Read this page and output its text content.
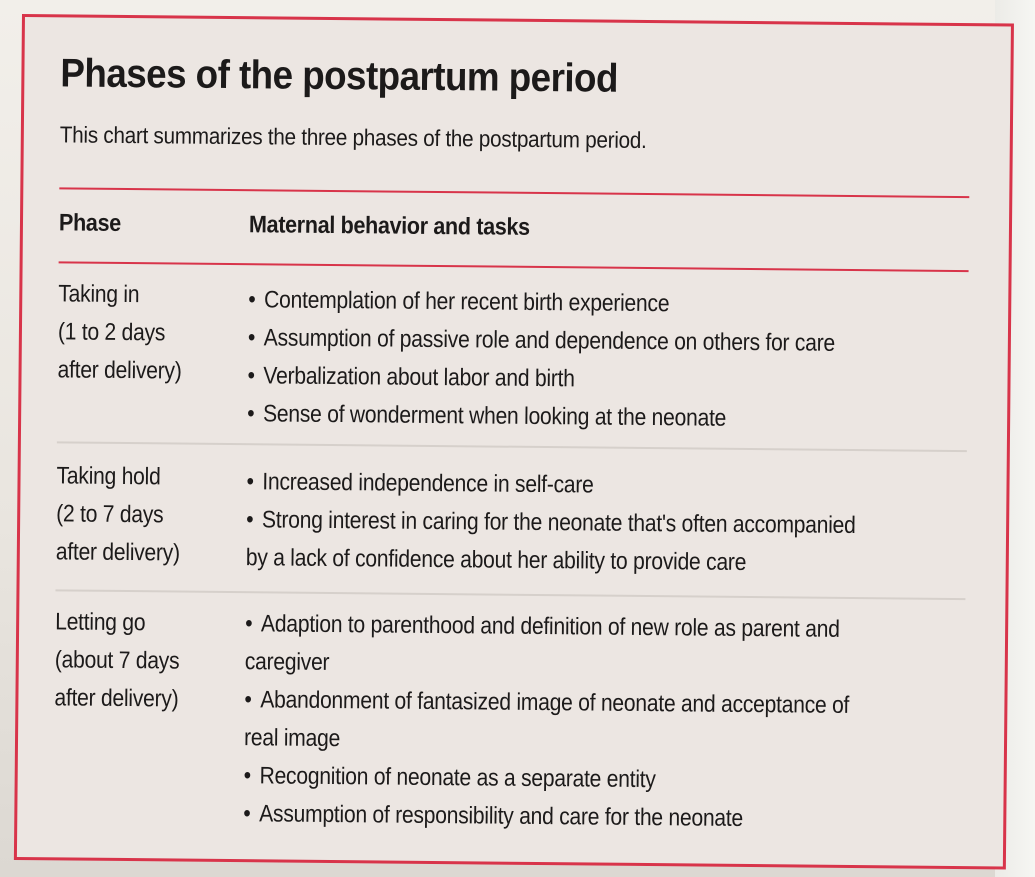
Phases of the postpartum period
This chart summarizes the three phases of the postpartum period.
Phase	Maternal behavior and tasks
Taking in
(1 to 2 days
after delivery)
• Contemplation of her recent birth experience
• Assumption of passive role and dependence on others for care
• Verbalization about labor and birth
• Sense of wonderment when looking at the neonate
Taking hold
(2 to 7 days
after delivery)
• Increased independence in self-care
• Strong interest in caring for the neonate that's often accompanied
by a lack of confidence about her ability to provide care
Letting go
(about 7 days
after delivery)
• Adaption to parenthood and definition of new role as parent and
caregiver
• Abandonment of fantasized image of neonate and acceptance of
real image
• Recognition of neonate as a separate entity
• Assumption of responsibility and care for the neonate
